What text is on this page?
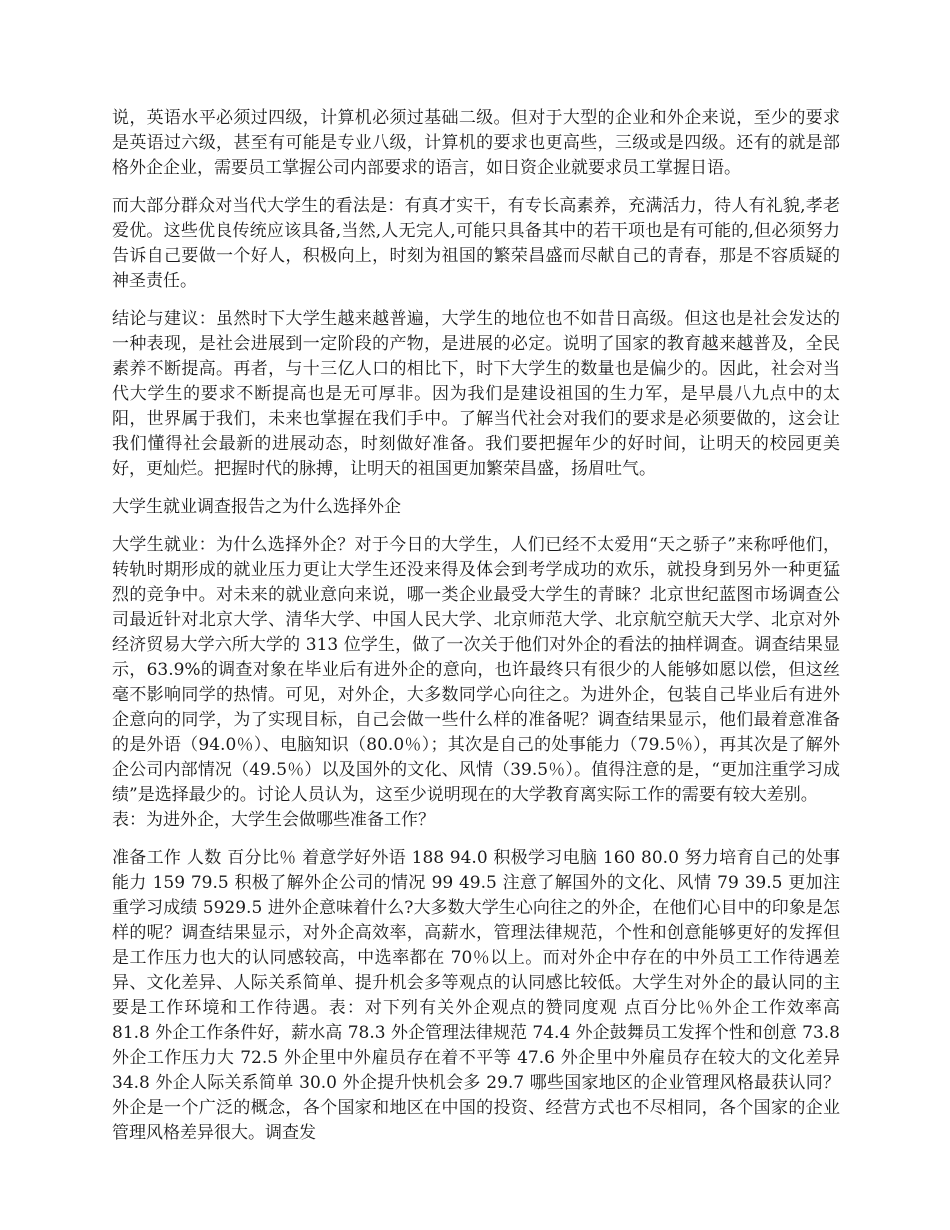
说，英语水平必须过四级，计算机必须过基础二级。但对于大型的企业和外企来说，至少的要求是英语过六级，甚至有可能是专业八级，计算机的要求也更高些，三级或是四级。还有的就是部格外企企业，需要员工掌握公司内部要求的语言，如日资企业就要求员工掌握日语。

而大部分群众对当代大学生的看法是：有真才实干，有专长高素养，充满活力，待人有礼貌,孝老爱优。这些优良传统应该具备,当然,人无完人,可能只具备其中的若干项也是有可能的,但必须努力告诉自己要做一个好人，积极向上，时刻为祖国的繁荣昌盛而尽献自己的青春，那是不容质疑的神圣责任。

结论与建议：虽然时下大学生越来越普遍，大学生的地位也不如昔日高级。但这也是社会发达的一种表现，是社会进展到一定阶段的产物，是进展的必定。说明了国家的教育越来越普及，全民素养不断提高。再者，与十三亿人口的相比下，时下大学生的数量也是偏少的。因此，社会对当代大学生的要求不断提高也是无可厚非。因为我们是建设祖国的生力军，是早晨八九点中的太阳，世界属于我们，未来也掌握在我们手中。了解当代社会对我们的要求是必须要做的，这会让我们懂得社会最新的进展动态，时刻做好准备。我们要把握年少的好时间，让明天的校园更美好，更灿烂。把握时代的脉搏，让明天的祖国更加繁荣昌盛，扬眉吐气。

大学生就业调查报告之为什么选择外企

大学生就业：为什么选择外企？对于今日的大学生，人们已经不太爱用“天之骄子”来称呼他们，转轨时期形成的就业压力更让大学生还没来得及体会到考学成功的欢乐，就投身到另外一种更猛烈的竞争中。对未来的就业意向来说，哪一类企业最受大学生的青睐？北京世纪蓝图市场调查公司最近针对北京大学、清华大学、中国人民大学、北京师范大学、北京航空航天大学、北京对外经济贸易大学六所大学的 313 位学生，做了一次关于他们对外企的看法的抽样调查。调查结果显示，63.9%的调查对象在毕业后有进外企的意向，也许最终只有很少的人能够如愿以偿，但这丝毫不影响同学的热情。可见，对外企，大多数同学心向往之。为进外企，包装自己毕业后有进外企意向的同学，为了实现目标，自己会做一些什么样的准备呢？调查结果显示，他们最着意准备的是外语（94.0％）、电脑知识（80.0％）；其次是自己的处事能力（79.5％），再其次是了解外企公司内部情况（49.5％）以及国外的文化、风情（39.5％）。值得注意的是，“更加注重学习成绩”是选择最少的。讨论人员认为，这至少说明现在的大学教育离实际工作的需要有较大差别。
表：为进外企，大学生会做哪些准备工作？

准备工作 人数 百分比％ 着意学好外语 188 94.0 积极学习电脑 160 80.0 努力培育自己的处事能力 159 79.5 积极了解外企公司的情况 99 49.5 注意了解国外的文化、风情 79 39.5 更加注重学习成绩 5929.5 进外企意味着什么?大多数大学生心向往之的外企，在他们心目中的印象是怎样的呢？调查结果显示，对外企高效率，高薪水，管理法律规范，个性和创意能够更好的发挥但是工作压力也大的认同感较高，中选率都在 70％以上。而对外企中存在的中外员工工作待遇差异、文化差异、人际关系简单、提升机会多等观点的认同感比较低。大学生对外企的最认同的主要是工作环境和工作待遇。表：对下列有关外企观点的赞同度观 点百分比％外企工作效率高 81.8 外企工作条件好，薪水高 78.3 外企管理法律规范 74.4 外企鼓舞员工发挥个性和创意 73.8 外企工作压力大 72.5 外企里中外雇员存在着不平等 47.6 外企里中外雇员存在较大的文化差异 34.8 外企人际关系简单 30.0 外企提升快机会多 29.7 哪些国家地区的企业管理风格最获认同？外企是一个广泛的概念，各个国家和地区在中国的投资、经营方式也不尽相同，各个国家的企业管理风格差异很大。调查发
